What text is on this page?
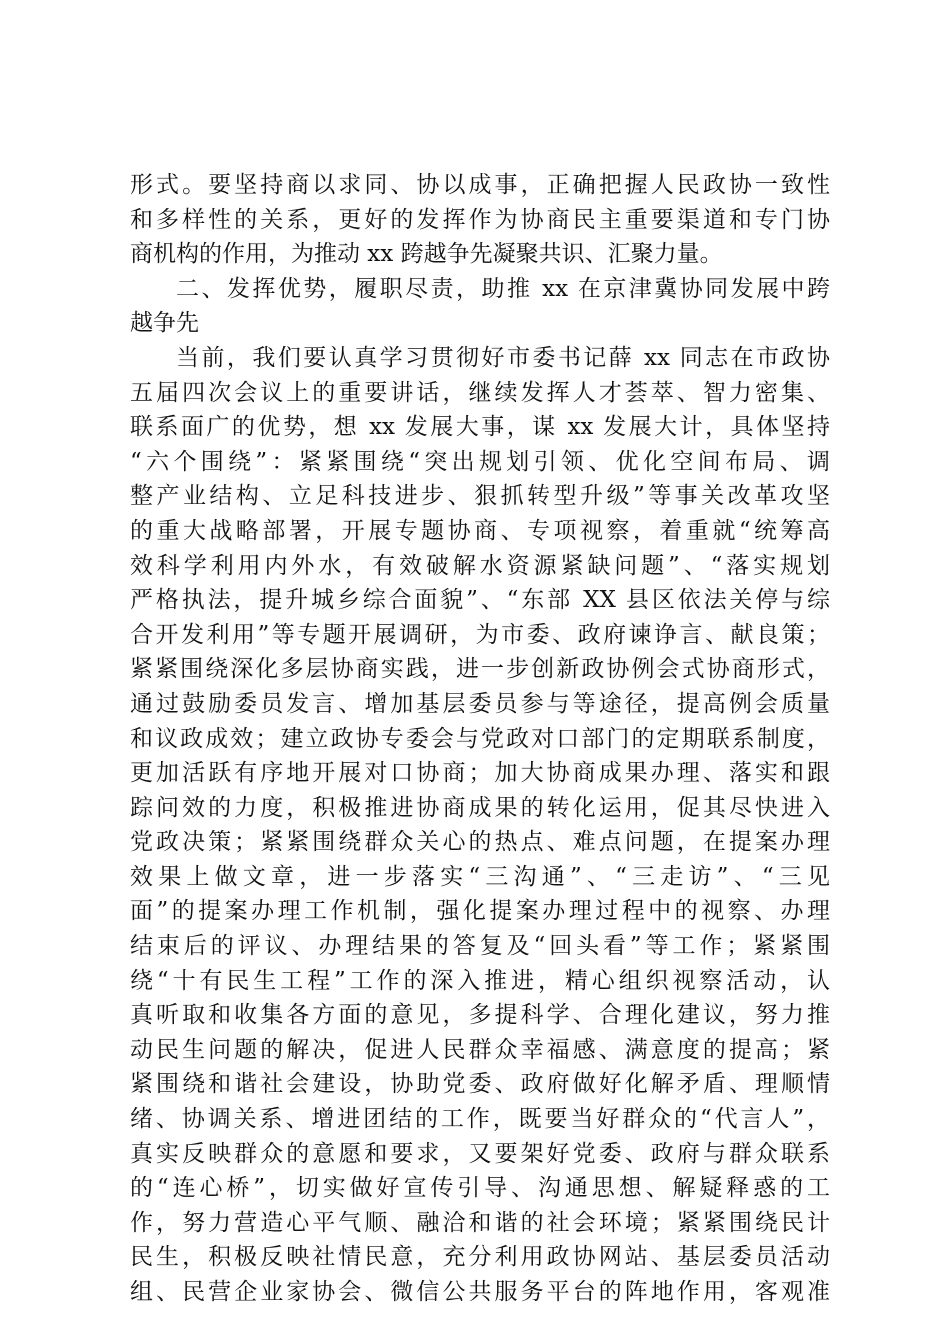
形式。要坚持商以求同、协以成事，正确把握人民政协一致性
和多样性的关系，更好的发挥作为协商民主重要渠道和专门协
商机构的作用，为推动 xx 跨越争先凝聚共识、汇聚力量。
二、发挥优势，履职尽责，助推 xx 在京津冀协同发展中跨
越争先
当前，我们要认真学习贯彻好市委书记薛 xx 同志在市政协
五届四次会议上的重要讲话，继续发挥人才荟萃、智力密集、
联系面广的优势，想 xx 发展大事，谋 xx 发展大计，具体坚持
“六个围绕”：紧紧围绕“突出规划引领、优化空间布局、调
整产业结构、立足科技进步、狠抓转型升级”等事关改革攻坚
的重大战略部署，开展专题协商、专项视察，着重就“统筹高
效科学利用内外水，有效破解水资源紧缺问题”、“落实规划
严格执法，提升城乡综合面貌”、“东部 XX 县区依法关停与综
合开发利用”等专题开展调研，为市委、政府谏诤言、献良策；
紧紧围绕深化多层协商实践，进一步创新政协例会式协商形式，
通过鼓励委员发言、增加基层委员参与等途径，提高例会质量
和议政成效；建立政协专委会与党政对口部门的定期联系制度，
更加活跃有序地开展对口协商；加大协商成果办理、落实和跟
踪问效的力度，积极推进协商成果的转化运用，促其尽快进入
党政决策；紧紧围绕群众关心的热点、难点问题，在提案办理
效果上做文章，进一步落实“三沟通”、“三走访”、“三见
面”的提案办理工作机制，强化提案办理过程中的视察、办理
结束后的评议、办理结果的答复及“回头看”等工作；紧紧围
绕“十有民生工程”工作的深入推进，精心组织视察活动，认
真听取和收集各方面的意见，多提科学、合理化建议，努力推
动民生问题的解决，促进人民群众幸福感、满意度的提高；紧
紧围绕和谐社会建设，协助党委、政府做好化解矛盾、理顺情
绪、协调关系、增进团结的工作，既要当好群众的“代言人”，
真实反映群众的意愿和要求，又要架好党委、政府与群众联系
的“连心桥”，切实做好宣传引导、沟通思想、解疑释惑的工
作，努力营造心平气顺、融洽和谐的社会环境；紧紧围绕民计
民生，积极反映社情民意，充分利用政协网站、基层委员活动
组、民营企业家协会、微信公共服务平台的阵地作用，客观准
